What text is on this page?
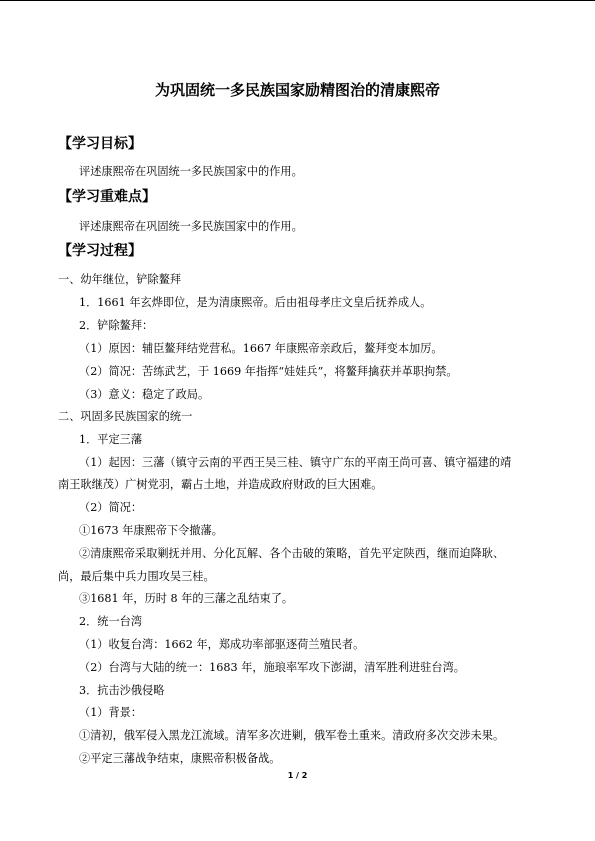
为巩固统一多民族国家励精图治的清康熙帝
【学习目标】
评述康熙帝在巩固统一多民族国家中的作用。
【学习重难点】
评述康熙帝在巩固统一多民族国家中的作用。
【学习过程】
一、幼年继位，铲除鳌拜
1．1661 年玄烨即位，是为清康熙帝。后由祖母孝庄文皇后抚养成人。
2．铲除鳌拜：
（1）原因：辅臣鳌拜结党营私。1667 年康熙帝亲政后，鳌拜变本加厉。
（2）简况：苦练武艺，于 1669 年指挥“娃娃兵”，将鳌拜擒获并革职拘禁。
（3）意义：稳定了政局。
二、巩固多民族国家的统一
1．平定三藩
（1）起因：三藩（镇守云南的平西王吴三桂、镇守广东的平南王尚可喜、镇守福建的靖
南王耿继茂）广树党羽，霸占土地，并造成政府财政的巨大困难。
（2）简况：
①1673 年康熙帝下令撤藩。
②清康熙帝采取剿抚并用、分化瓦解、各个击破的策略，首先平定陕西，继而迫降耿、
尚，最后集中兵力围攻吴三桂。
③1681 年，历时 8 年的三藩之乱结束了。
2．统一台湾
（1）收复台湾：1662 年，郑成功率部驱逐荷兰殖民者。
（2）台湾与大陆的统一：1683 年，施琅率军攻下澎湖，清军胜利进驻台湾。
3．抗击沙俄侵略
（1）背景：
①清初，俄军侵入黑龙江流域。清军多次进剿，俄军卷土重来。清政府多次交涉未果。
②平定三藩战争结束，康熙帝积极备战。
1 / 2
